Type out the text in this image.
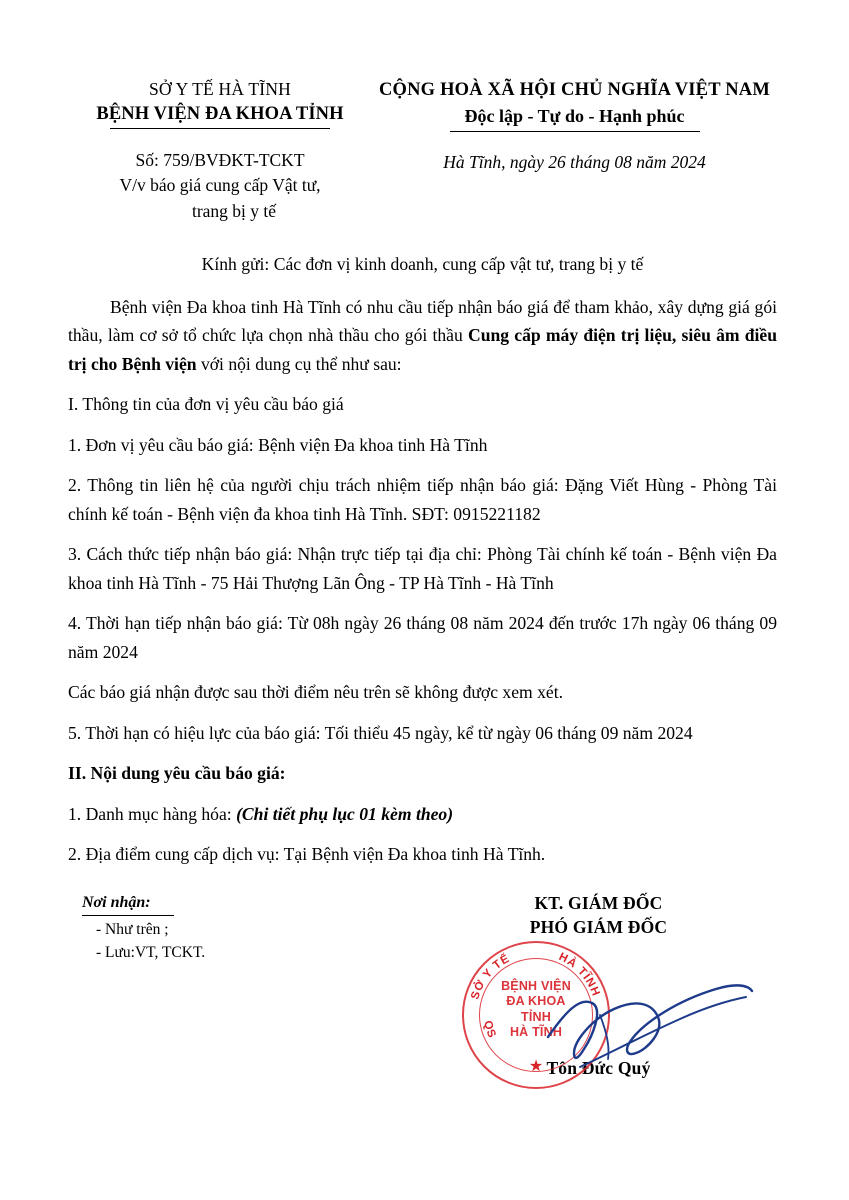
SỞ Y TẾ HÀ TĨNH
BỆNH VIỆN ĐA KHOA TỈNH
CỘNG HOÀ XÃ HỘI CHỦ NGHĨA VIỆT NAM
Độc lập - Tự do - Hạnh phúc
Số: 759/BVĐKT-TCKT
V/v báo giá cung cấp Vật tư,
trang bị y tế
Hà Tĩnh, ngày 26 tháng 08 năm 2024
Kính gửi: Các đơn vị kinh doanh, cung cấp vật tư, trang bị y tế

Bệnh viện Đa khoa tinh Hà Tĩnh có nhu cầu tiếp nhận báo giá để tham khảo, xây dựng giá gói thầu, làm cơ sở tổ chức lựa chọn nhà thầu cho gói thầu Cung cấp máy điện trị liệu, siêu âm điều trị cho Bệnh viện với nội dung cụ thể như sau:

I. Thông tin của đơn vị yêu cầu báo giá

1. Đơn vị yêu cầu báo giá: Bệnh viện Đa khoa tinh Hà Tĩnh

2. Thông tin liên hệ của người chịu trách nhiệm tiếp nhận báo giá: Đặng Viết Hùng - Phòng Tài chính kế toán - Bệnh viện đa khoa tinh Hà Tĩnh. SĐT: 0915221182

3. Cách thức tiếp nhận báo giá: Nhận trực tiếp tại địa chỉ: Phòng Tài chính kế toán - Bệnh viện Đa khoa tinh Hà Tĩnh - 75 Hải Thượng Lãn Ông - TP Hà Tĩnh - Hà Tĩnh

4. Thời hạn tiếp nhận báo giá: Từ 08h ngày 26 tháng 08 năm 2024 đến trước 17h ngày 06 tháng 09 năm 2024

Các báo giá nhận được sau thời điểm nêu trên sẽ không được xem xét.

5. Thời hạn có hiệu lực của báo giá: Tối thiểu 45 ngày, kể từ ngày 06 tháng 09 năm 2024

II. Nội dung yêu cầu báo giá:

1. Danh mục hàng hóa: (Chi tiết phụ lục 01 kèm theo)

2. Địa điểm cung cấp dịch vụ: Tại Bệnh viện Đa khoa tinh Hà Tĩnh.

Nơi nhận:
- Như trên ;
- Lưu:VT, TCKT.
KT. GIÁM ĐỐC
PHÓ GIÁM ĐỐC
Tôn Đức Quý
SỞ Y TẾ	HÀ TĨNH
QS
BỆNH VIỆN
ĐA KHOA
TỈNH
HÀ TĨNH
★
